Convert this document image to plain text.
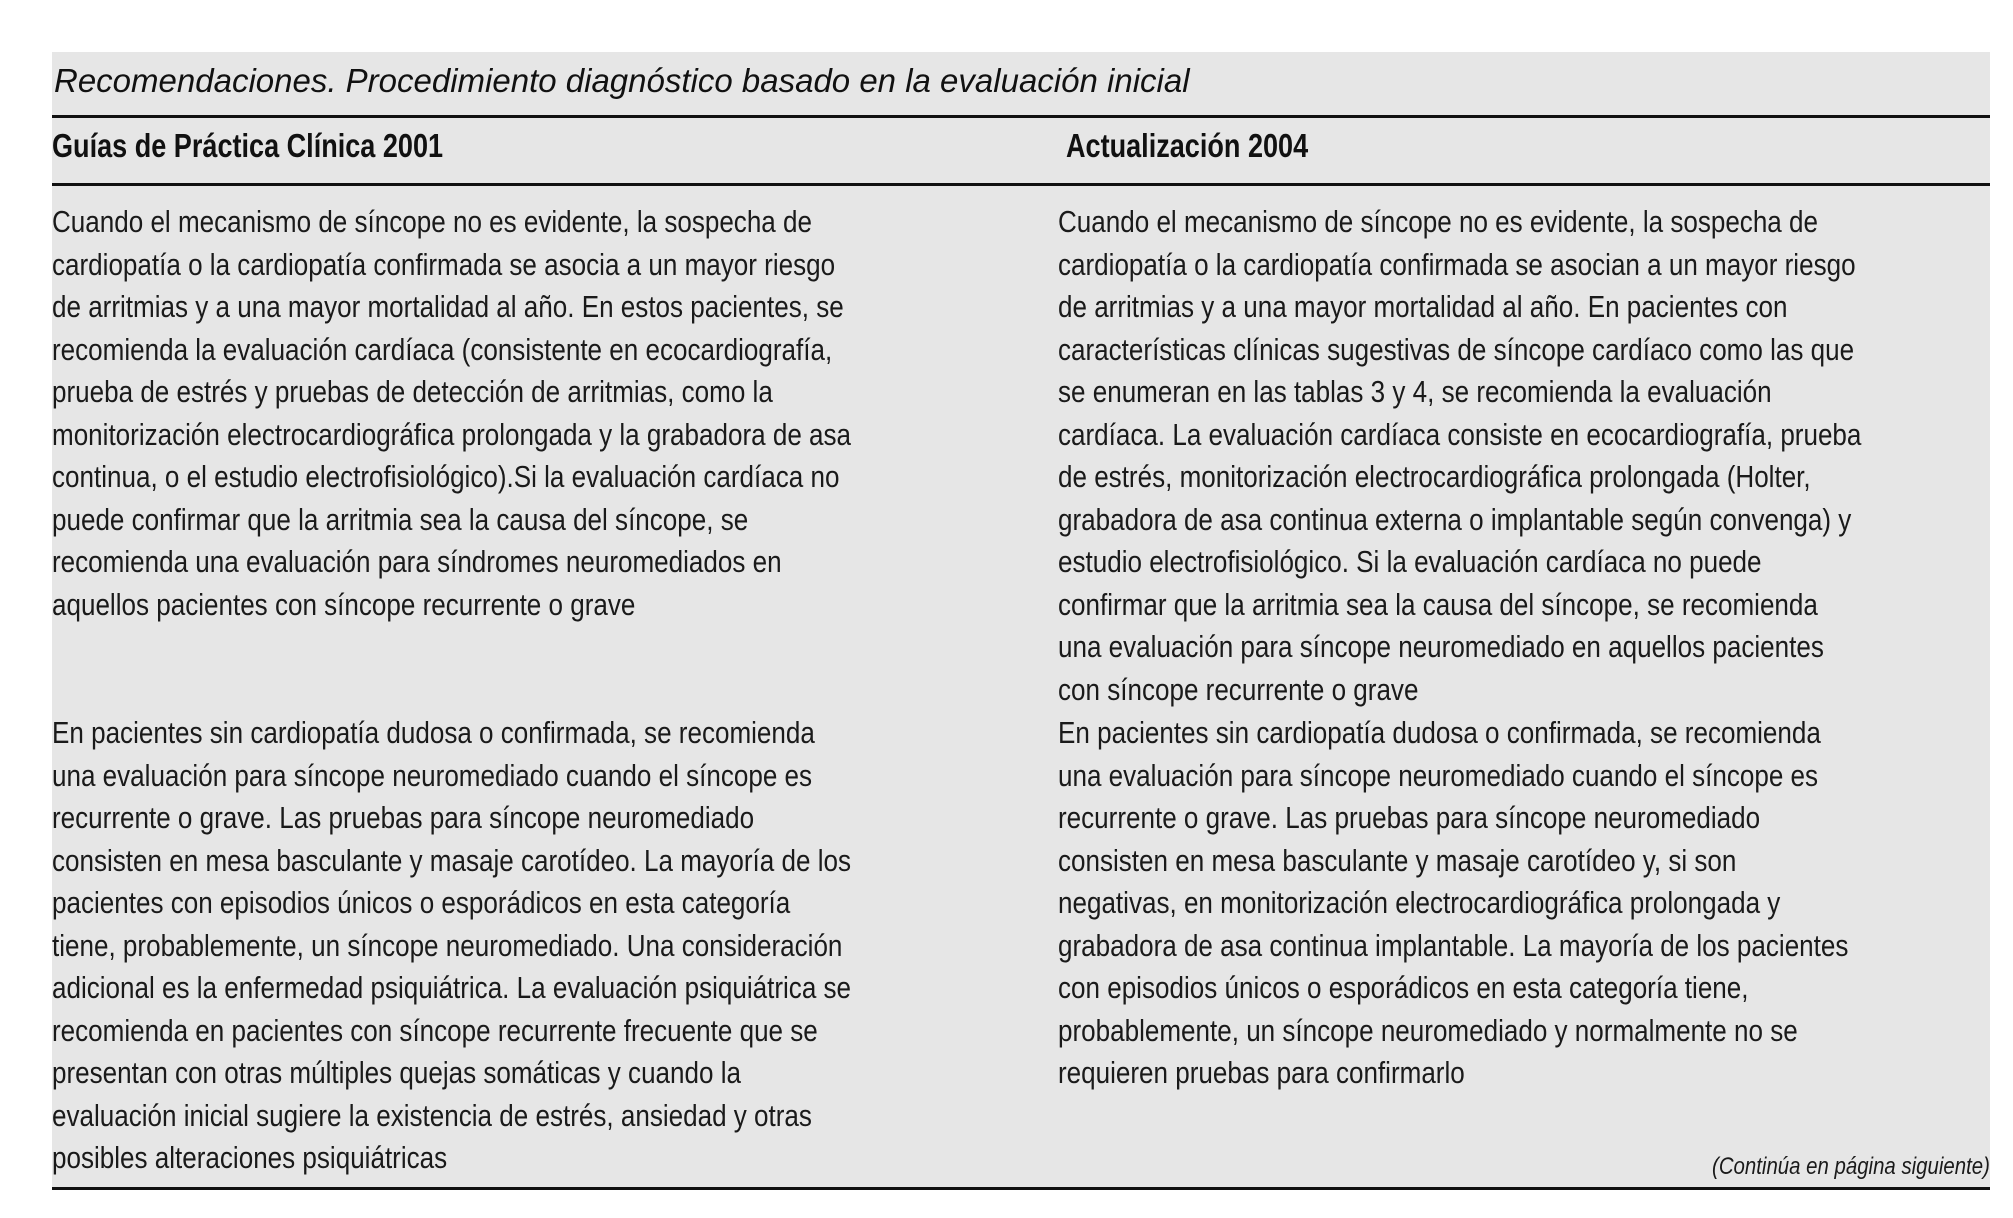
Recomendaciones. Procedimiento diagnóstico basado en la evaluación inicial
Guías de Práctica Clínica 2001	Actualización 2004
Cuando el mecanismo de síncope no es evidente, la sospecha de
cardiopatía o la cardiopatía confirmada se asocia a un mayor riesgo
de arritmias y a una mayor mortalidad al año. En estos pacientes, se
recomienda la evaluación cardíaca (consistente en ecocardiografía,
prueba de estrés y pruebas de detección de arritmias, como la
monitorización electrocardiográfica prolongada y la grabadora de asa
continua, o el estudio electrofisiológico).Si la evaluación cardíaca no
puede confirmar que la arritmia sea la causa del síncope, se
recomienda una evaluación para síndromes neuromediados en
aquellos pacientes con síncope recurrente o grave
Cuando el mecanismo de síncope no es evidente, la sospecha de
cardiopatía o la cardiopatía confirmada se asocian a un mayor riesgo
de arritmias y a una mayor mortalidad al año. En pacientes con
características clínicas sugestivas de síncope cardíaco como las que
se enumeran en las tablas 3 y 4, se recomienda la evaluación
cardíaca. La evaluación cardíaca consiste en ecocardiografía, prueba
de estrés, monitorización electrocardiográfica prolongada (Holter,
grabadora de asa continua externa o implantable según convenga) y
estudio electrofisiológico. Si la evaluación cardíaca no puede
confirmar que la arritmia sea la causa del síncope, se recomienda
una evaluación para síncope neuromediado en aquellos pacientes
con síncope recurrente o grave
En pacientes sin cardiopatía dudosa o confirmada, se recomienda
una evaluación para síncope neuromediado cuando el síncope es
recurrente o grave. Las pruebas para síncope neuromediado
consisten en mesa basculante y masaje carotídeo. La mayoría de los
pacientes con episodios únicos o esporádicos en esta categoría
tiene, probablemente, un síncope neuromediado. Una consideración
adicional es la enfermedad psiquiátrica. La evaluación psiquiátrica se
recomienda en pacientes con síncope recurrente frecuente que se
presentan con otras múltiples quejas somáticas y cuando la
evaluación inicial sugiere la existencia de estrés, ansiedad y otras
posibles alteraciones psiquiátricas
En pacientes sin cardiopatía dudosa o confirmada, se recomienda
una evaluación para síncope neuromediado cuando el síncope es
recurrente o grave. Las pruebas para síncope neuromediado
consisten en mesa basculante y masaje carotídeo y, si son
negativas, en monitorización electrocardiográfica prolongada y
grabadora de asa continua implantable. La mayoría de los pacientes
con episodios únicos o esporádicos en esta categoría tiene,
probablemente, un síncope neuromediado y normalmente no se
requieren pruebas para confirmarlo
(Continúa en página siguiente)
